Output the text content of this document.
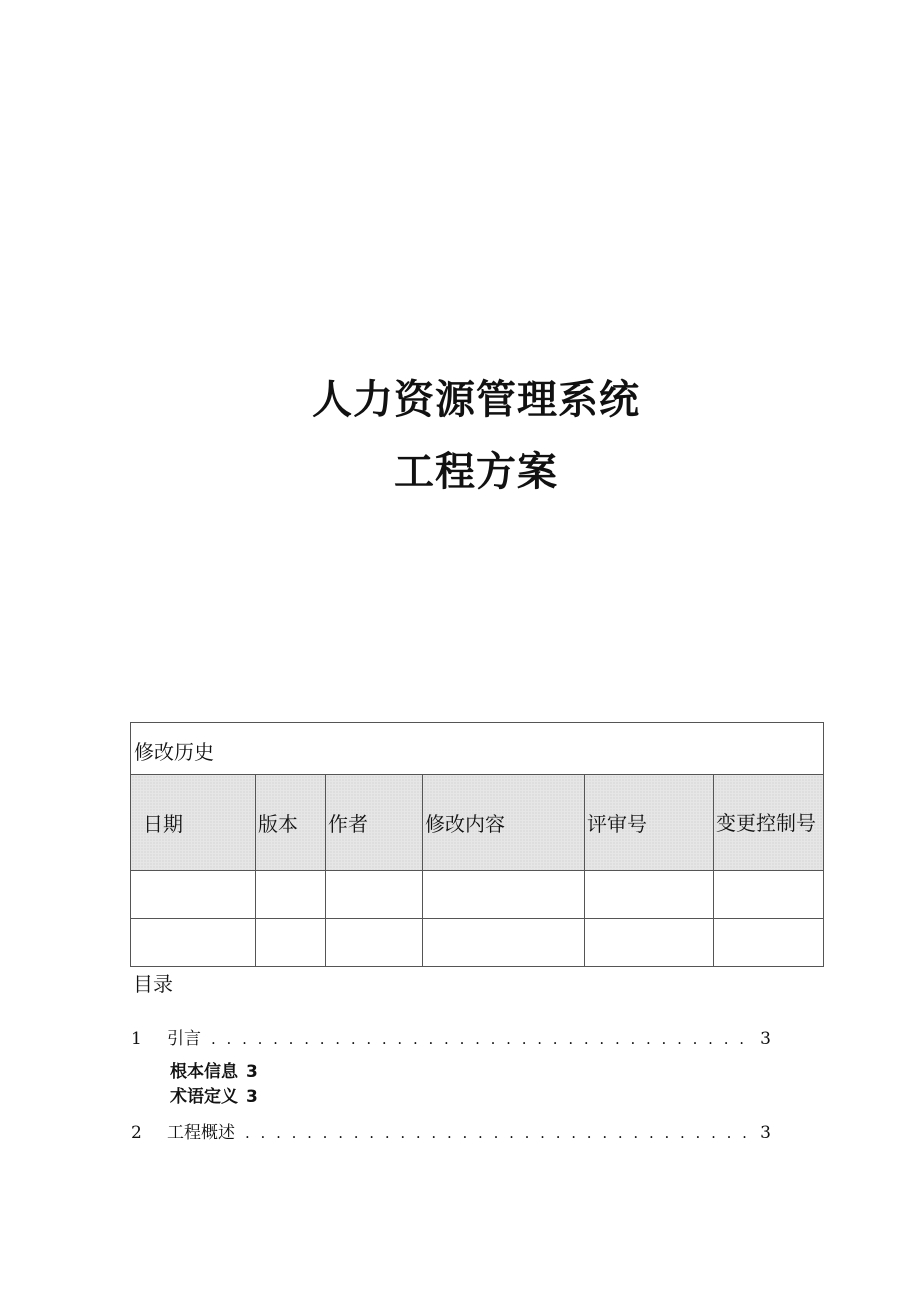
人力资源管理系统
工程方案
修改历史					
日期	版本	作者	修改内容	评审号	变更控制号

目录
1	引言 . . .	3
根本信息 3
术语定义 3
2	工程概述 . . .	3
